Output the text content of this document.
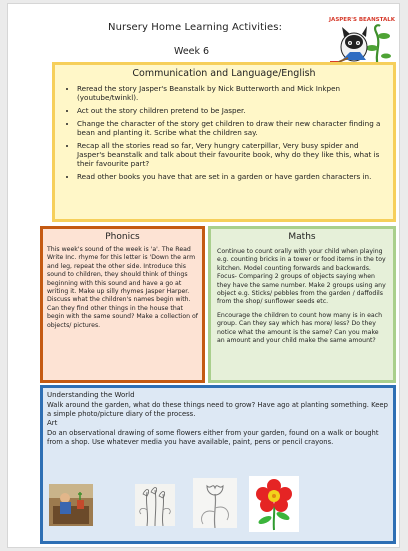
Nursery Home Learning Activities:
Week 6
JASPER'S BEANSTALK
Communication and Language/English
• Reread the story Jasper's Beanstalk by Nick Butterworth and Mick Inkpen (youtube/twinkl).
• Act out the story children pretend to be Jasper.
• Change the character of the story get children to draw their new character finding a bean and planting it. Scribe what the children say.
• Recap all the stories read so far, Very hungry caterpillar, Very busy spider and Jasper's beanstalk and talk about their favourite book, why do they like this, what is their favourite part?
• Read other books you have that are set in a garden or have garden characters in.
Phonics

This week's sound of the week is 'a'. The Read Write Inc. rhyme for this letter is 'Down the arm and leg, repeat the other side. Introduce this sound to children, they should think of things beginning with this sound and have a go at writing it. Make up silly rhymes Jasper Harper. Discuss what the children's names begin with. Can they find other things in the house that begin with the same sound? Make a collection of objects/ pictures.

Maths

Continue to count orally with your child when playing e.g. counting bricks in a tower or food items in the toy kitchen. Model counting forwards and backwards. Focus- Comparing 2 groups of objects saying when they have the same number. Make 2 groups using any object e.g. Sticks/ pebbles from the garden / daffodils from the shop/ sunflower seeds etc.

Encourage the children to count how many is in each group. Can they say which has more/ less? Do they notice what the amount is the same? Can you make an amount and your child make the same amount?

Understanding the World

Walk around the garden, what do these things need to grow? Have ago at planting something. Keep a simple photo/picture diary of the process.

Art

Do an observational drawing of some flowers either from your garden, found on a walk or bought from a shop. Use whatever media you have available, paint, pens or pencil crayons.
